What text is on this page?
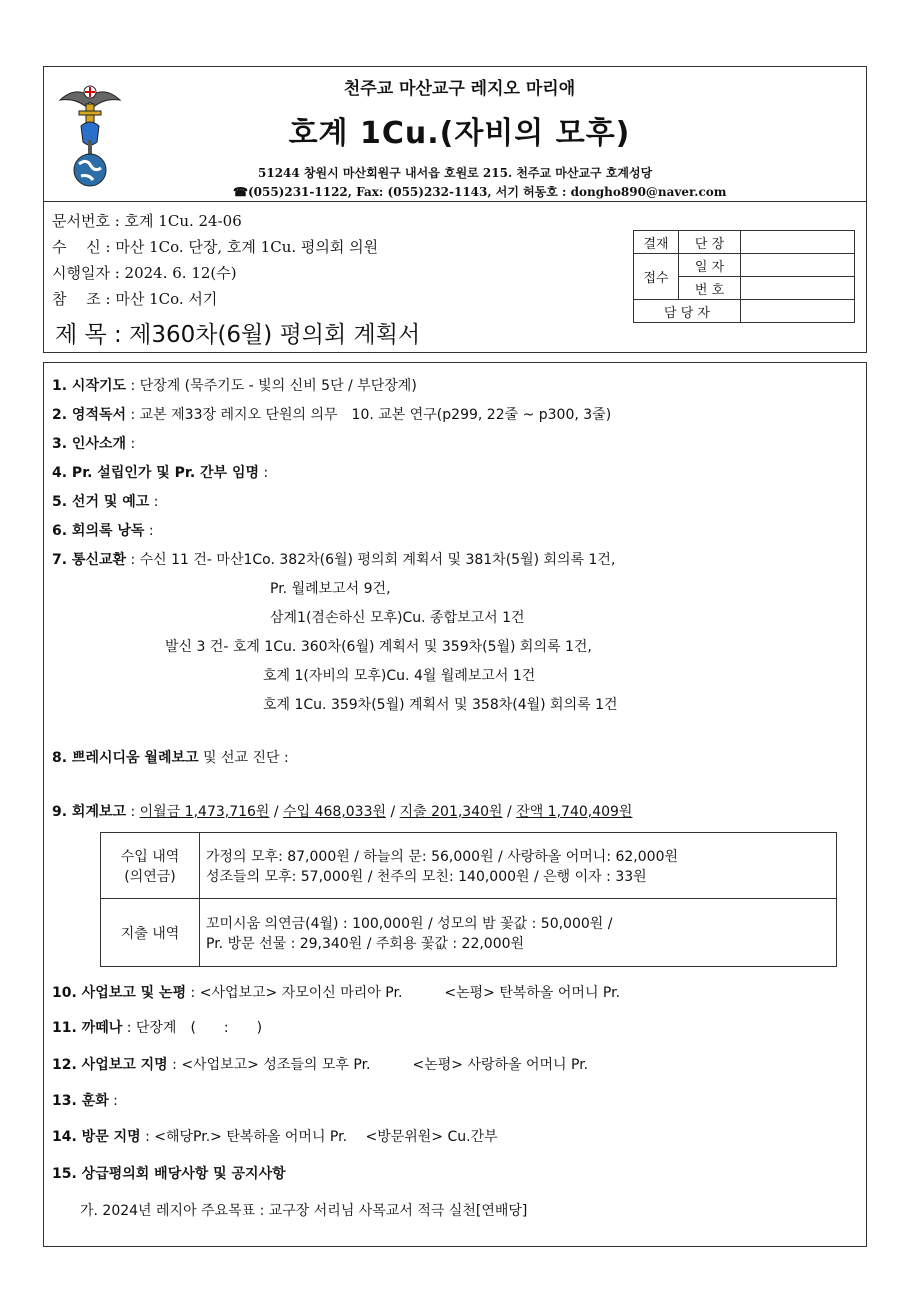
천주교 마산교구 레지오 마리애
호계 1Cu.(자비의 모후)
51244 창원시 마산회원구 내서읍 호원로 215. 천주교 마산교구 호계성당
☎(055)231-1122, Fax: (055)232-1143, 서기 허동호 : dongho890@naver.com
문서번호 : 호계 1Cu. 24-06
수　 신 : 마산 1Co. 단장, 호계 1Cu. 평의회 의원
시행일자 : 2024. 6. 12(수)
참　 조 : 마산 1Co. 서기
제 목 : 제360차(6월) 평의회 계획서
결재	단 장	
접수	일 자	
	번 호	
담 당 자		
1. 시작기도 : 단장계 (묵주기도 - 빛의 신비 5단 / 부단장계)
2. 영적독서 : 교본 제33장 레지오 단원의 의무　10. 교본 연구(p299, 22줄 ~ p300, 3줄)
3. 인사소개 :
4. Pr. 설립인가 및 Pr. 간부 임명 :
5. 선거 및 예고 :
6. 회의록 낭독 :
7. 통신교환 : 수신 11 건- 마산1Co. 382차(6월) 평의회 계획서 및 381차(5월) 회의록 1건,
Pr. 월례보고서 9건,
삼계1(겸손하신 모후)Cu. 종합보고서 1건
발신 3 건- 호계 1Cu. 360차(6월) 계획서 및 359차(5월) 회의록 1건,
호계 1(자비의 모후)Cu. 4월 월례보고서 1건
호계 1Cu. 359차(5월) 계획서 및 358차(4월) 회의록 1건
8. 쁘레시디움 월례보고 및 선교 진단 :
9. 회계보고 : 이월금 1,473,716원 / 수입 468,033원 / 지출 201,340원 / 잔액 1,740,409원
수입 내역
(의연금)	가정의 모후: 87,000원 / 하늘의 문: 56,000원 / 사랑하올 어머니: 62,000원
성조들의 모후: 57,000원 / 천주의 모친: 140,000원 / 은행 이자 : 33원
지출 내역	꼬미시움 의연금(4월) : 100,000원 / 성모의 밤 꽃값 : 50,000원 /
Pr. 방문 선물 : 29,340원 / 주회용 꽃값 : 22,000원
10. 사업보고 및 논평 : <사업보고> 자모이신 마리아 Pr.　　　<논평> 탄복하올 어머니 Pr.
11. 까떼나 : 단장계　(　　:　　)
12. 사업보고 지명 : <사업보고> 성조들의 모후 Pr.　　　<논평> 사랑하올 어머니 Pr.
13. 훈화 :
14. 방문 지명 : <해당Pr.> 탄복하올 어머니 Pr.　 <방문위원> Cu.간부
15. 상급평의회 배당사항 및 공지사항
가. 2024년 레지아 주요목표 : 교구장 서리님 사목교서 적극 실천[연배당]
